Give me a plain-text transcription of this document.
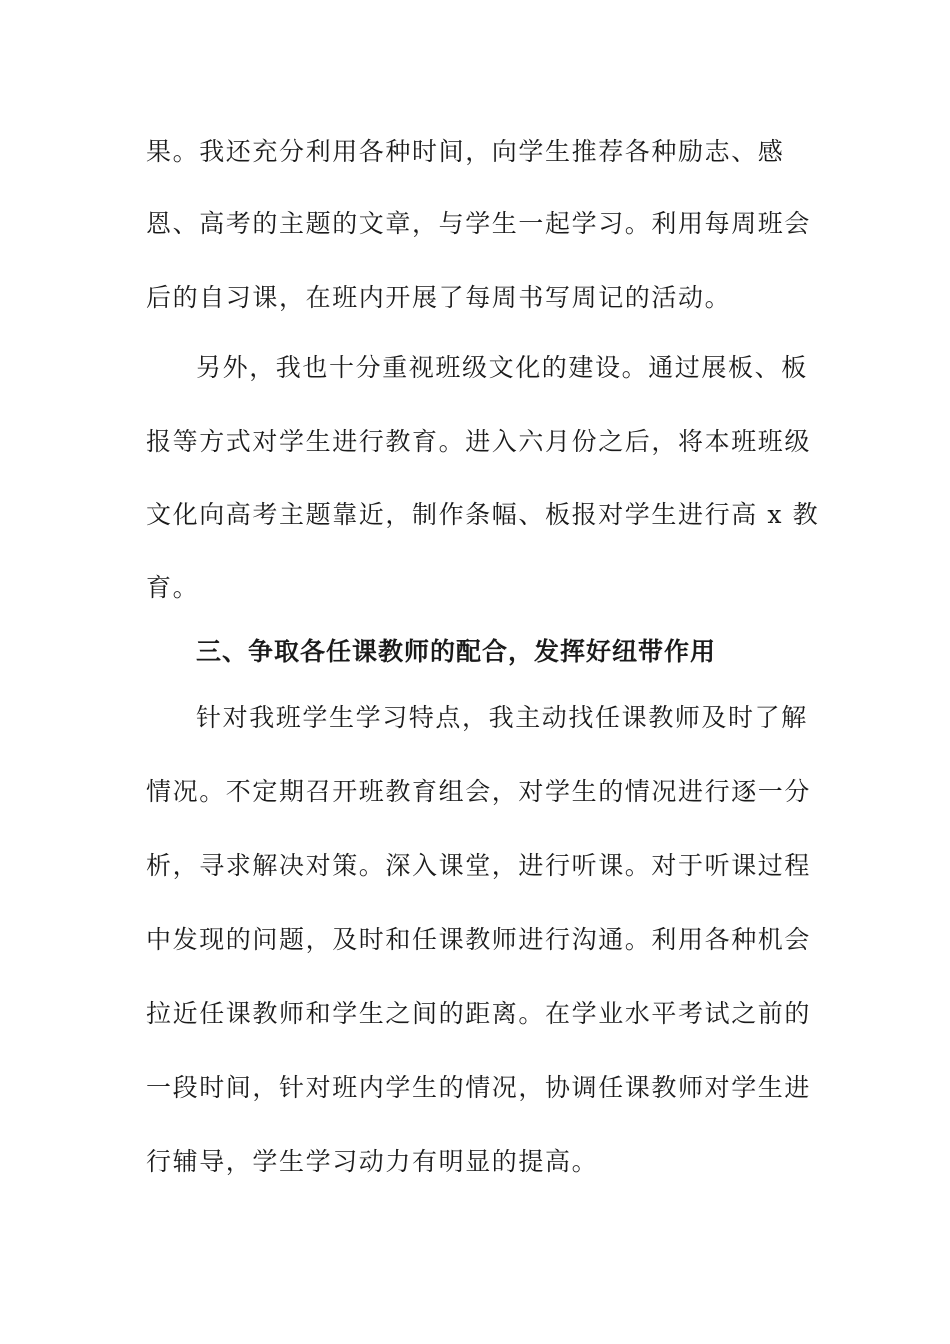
果。我还充分利用各种时间，向学生推荐各种励志、感
恩、高考的主题的文章，与学生一起学习。利用每周班会
后的自习课，在班内开展了每周书写周记的活动。
另外，我也十分重视班级文化的建设。通过展板、板
报等方式对学生进行教育。进入六月份之后，将本班班级
文化向高考主题靠近，制作条幅、板报对学生进行高 x 教
育。
三、争取各任课教师的配合，发挥好纽带作用
针对我班学生学习特点，我主动找任课教师及时了解
情况。不定期召开班教育组会，对学生的情况进行逐一分
析，寻求解决对策。深入课堂，进行听课。对于听课过程
中发现的问题，及时和任课教师进行沟通。利用各种机会
拉近任课教师和学生之间的距离。在学业水平考试之前的
一段时间，针对班内学生的情况，协调任课教师对学生进
行辅导，学生学习动力有明显的提高。
